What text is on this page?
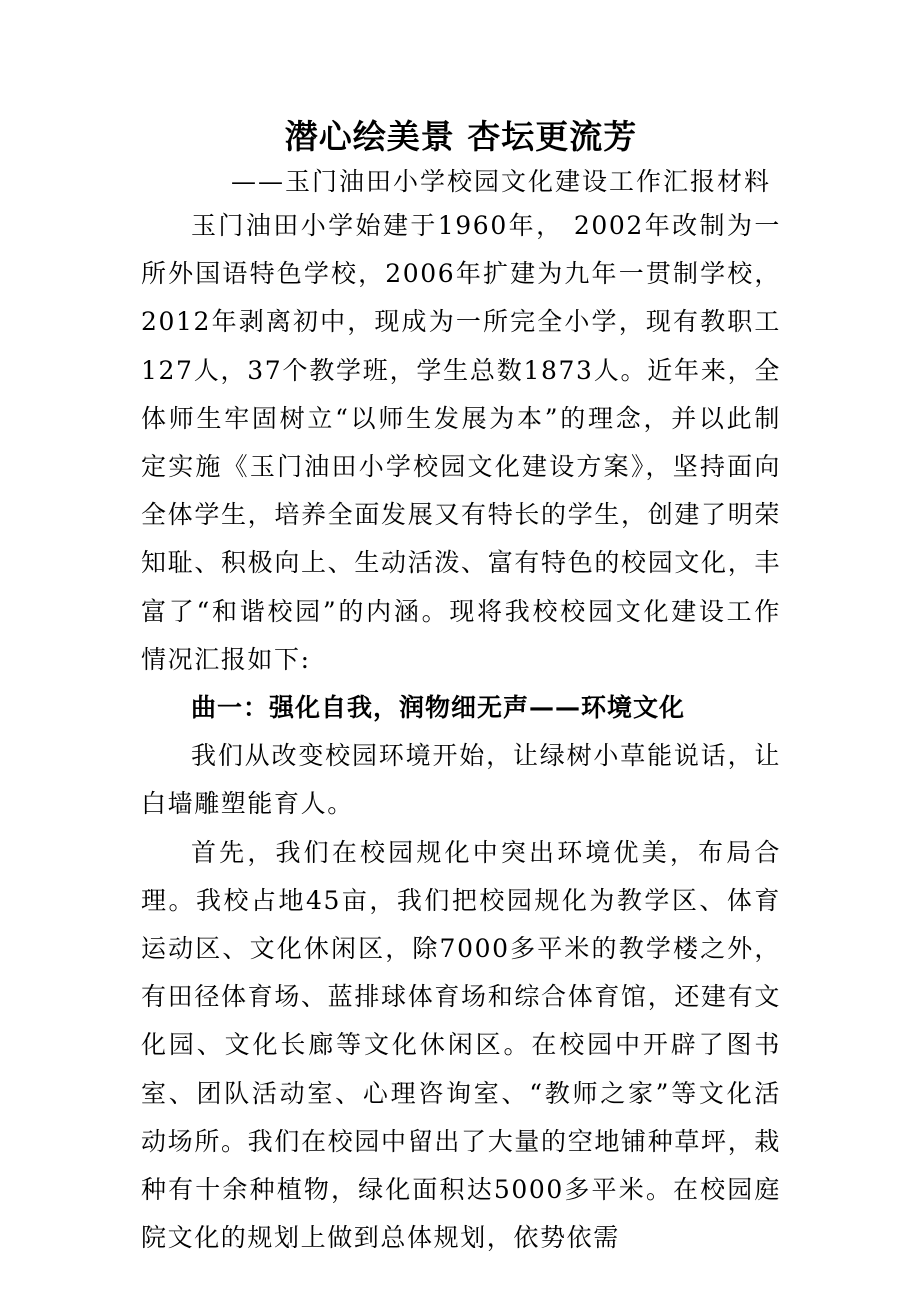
潜心绘美景 杏坛更流芳

——玉门油田小学校园文化建设工作汇报材料

玉门油田小学始建于1960年， 2002年改制为一所外国语特色学校，2006年扩建为九年一贯制学校，2012年剥离初中，现成为一所完全小学，现有教职工127人，37个教学班，学生总数1873人。近年来，全体师生牢固树立“以师生发展为本”的理念，并以此制定实施《玉门油田小学校园文化建设方案》，坚持面向全体学生，培养全面发展又有特长的学生，创建了明荣知耻、积极向上、生动活泼、富有特色的校园文化，丰富了“和谐校园”的内涵。现将我校校园文化建设工作情况汇报如下:

曲一：强化自我，润物细无声——环境文化

我们从改变校园环境开始，让绿树小草能说话，让白墙雕塑能育人。

首先，我们在校园规化中突出环境优美，布局合理。我校占地45亩，我们把校园规化为教学区、体育运动区、文化休闲区，除7000多平米的教学楼之外，有田径体育场、蓝排球体育场和综合体育馆，还建有文化园、文化长廊等文化休闲区。在校园中开辟了图书室、团队活动室、心理咨询室、“教师之家”等文化活动场所。我们在校园中留出了大量的空地铺种草坪，栽种有十余种植物，绿化面积达5000多平米。在校园庭院文化的规划上做到总体规划，依势依需
